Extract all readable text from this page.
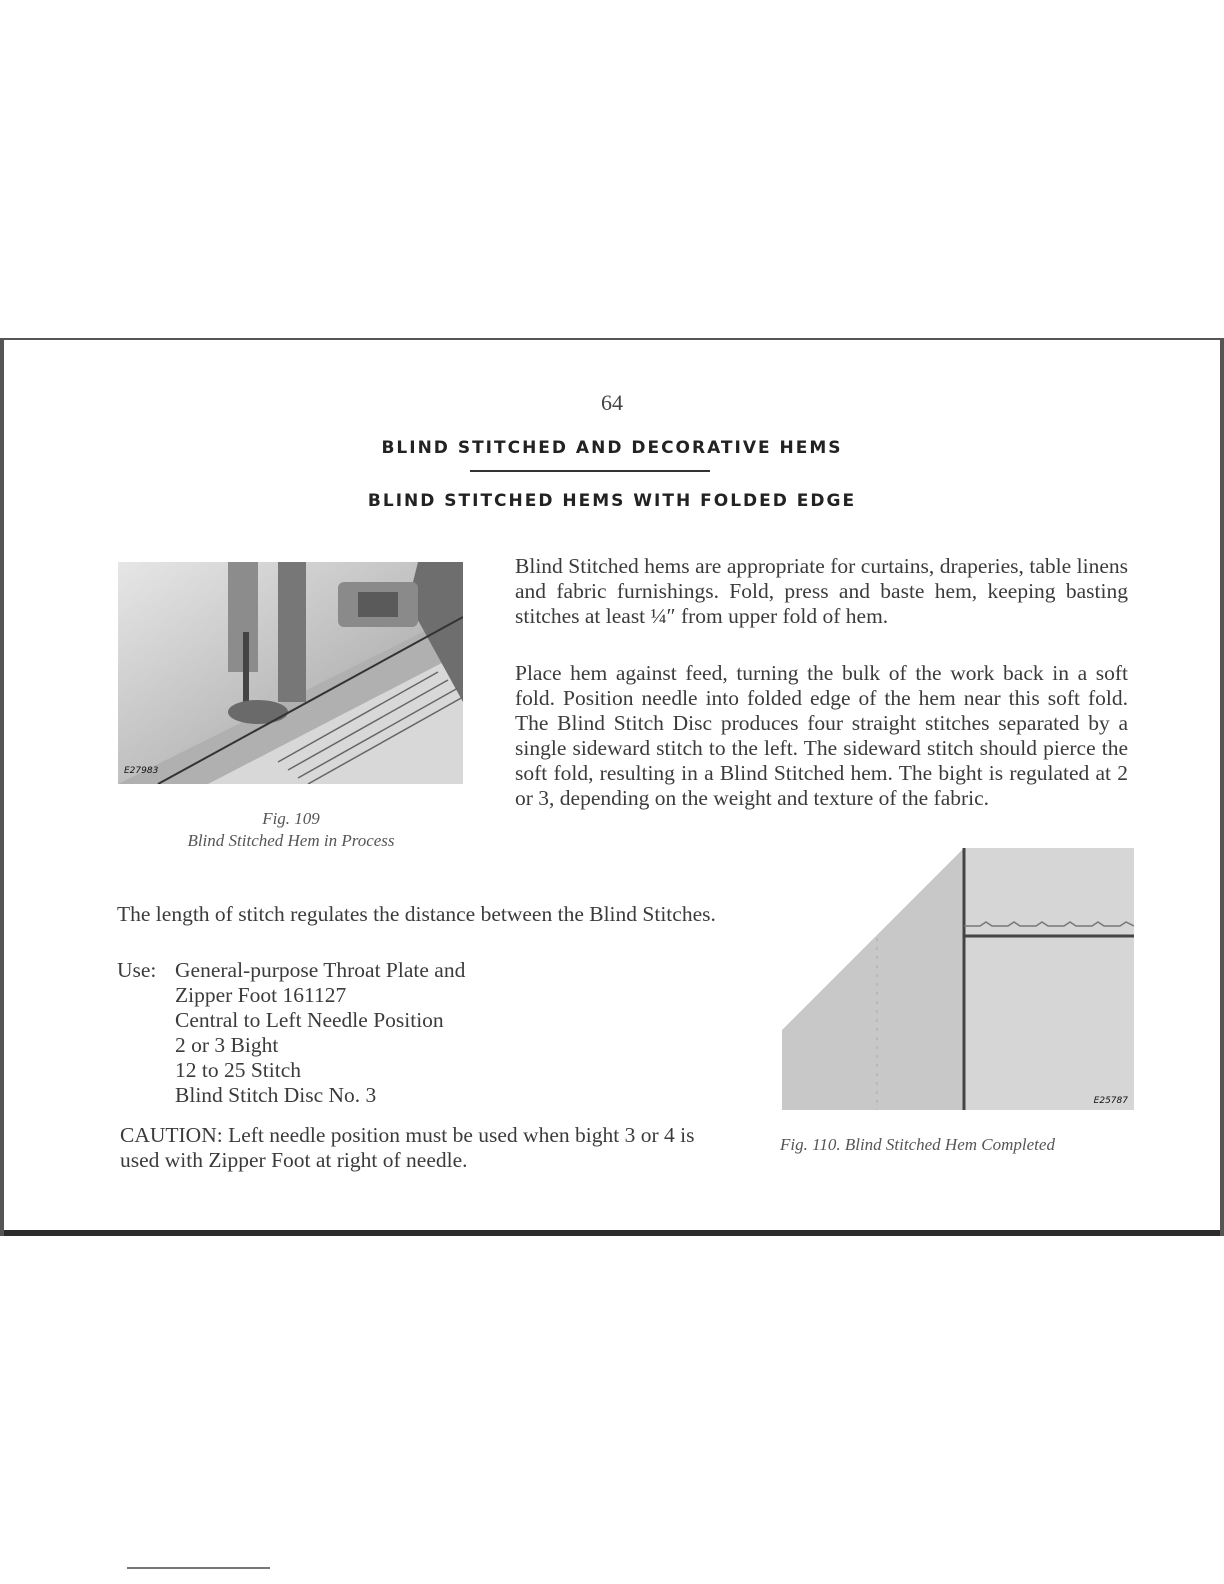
64
BLIND STITCHED AND DECORATIVE HEMS
BLIND STITCHED HEMS WITH FOLDED EDGE
E27983
Fig. 109
Blind Stitched Hem in Process

Blind Stitched hems are appropriate for curtains, draperies, table linens and fabric furnishings. Fold, press and baste hem, keeping basting stitches at least ¼″ from upper fold of hem.

Place hem against feed, turning the bulk of the work back in a soft fold. Position needle into folded edge of the hem near this soft fold. The Blind Stitch Disc produces four straight stitches separated by a single sideward stitch to the left. The sideward stitch should pierce the soft fold, resulting in a Blind Stitched hem. The bight is regulated at 2 or 3, depending on the weight and texture of the fabric.

The length of stitch regulates the distance between the Blind Stitches.

Use: General-purpose Throat Plate and
Zipper Foot 161127
Central to Left Needle Position
2 or 3 Bight
12 to 25 Stitch
Blind Stitch Disc No. 3

CAUTION: Left needle position must be used when bight 3 or 4 is used with Zipper Foot at right of needle.

E25787
Fig. 110. Blind Stitched Hem Completed
